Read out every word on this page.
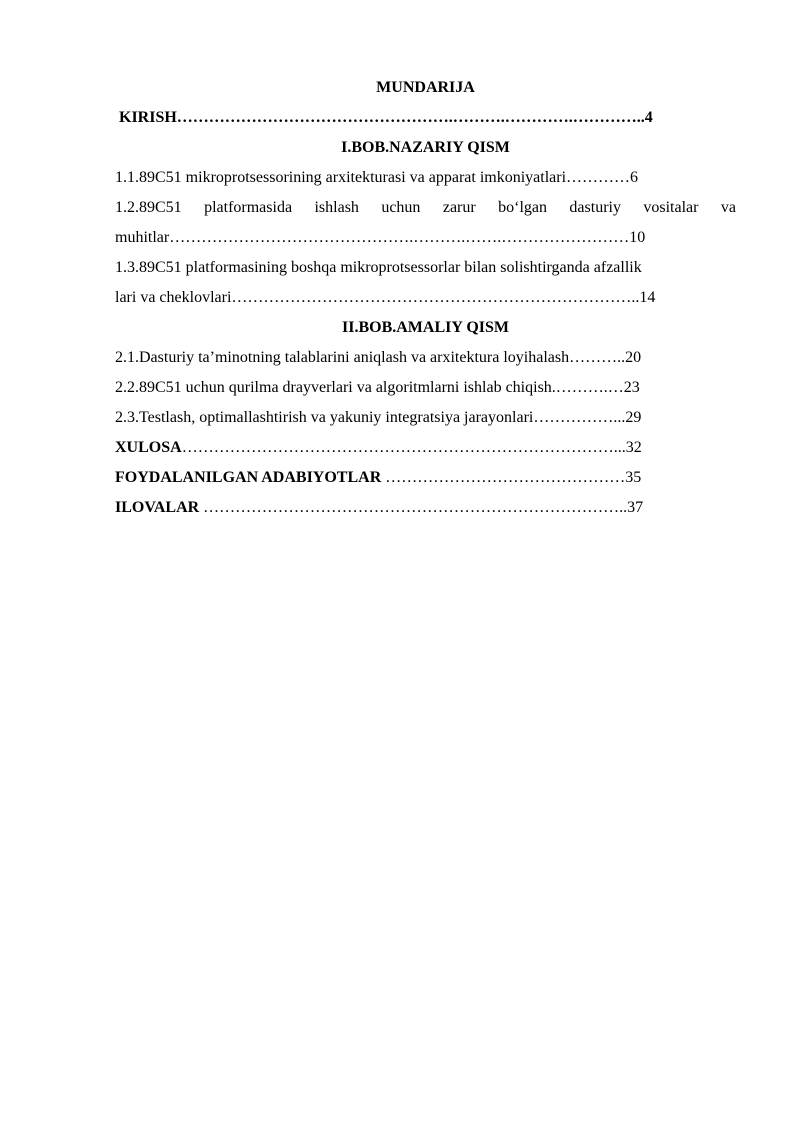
MUNDARIJA

KIRISH…………………………………………….……….………….…………..4

I.BOB.NAZARIY QISM

1.1.89C51 mikroprotsessorining arxitekturasi va apparat imkoniyatlari…………6

1.2.89C51 platformasida ishlash uchun zarur boʻlgan dasturiy vositalar va

muhitlar……………………………………….……….…….……………………10

1.3.89C51 platformasining boshqa mikroprotsessorlar bilan solishtirganda afzallik

lari va cheklovlari…………………………………………………………………..14

II.BOB.AMALIY QISM

2.1.Dasturiy ta’minotning talablarini aniqlash va arxitektura loyihalash………..20

2.2.89C51 uchun qurilma drayverlari va algoritmlarni ishlab chiqish.……….…23

2.3.Testlash, optimallashtirish va yakuniy integratsiya jarayonlari……………...29

XULOSA………………………………………………………………………...32

FOYDALANILGAN ADABIYOTLAR ………………………………………35

ILOVALAR ……………………………………………………………………..37
